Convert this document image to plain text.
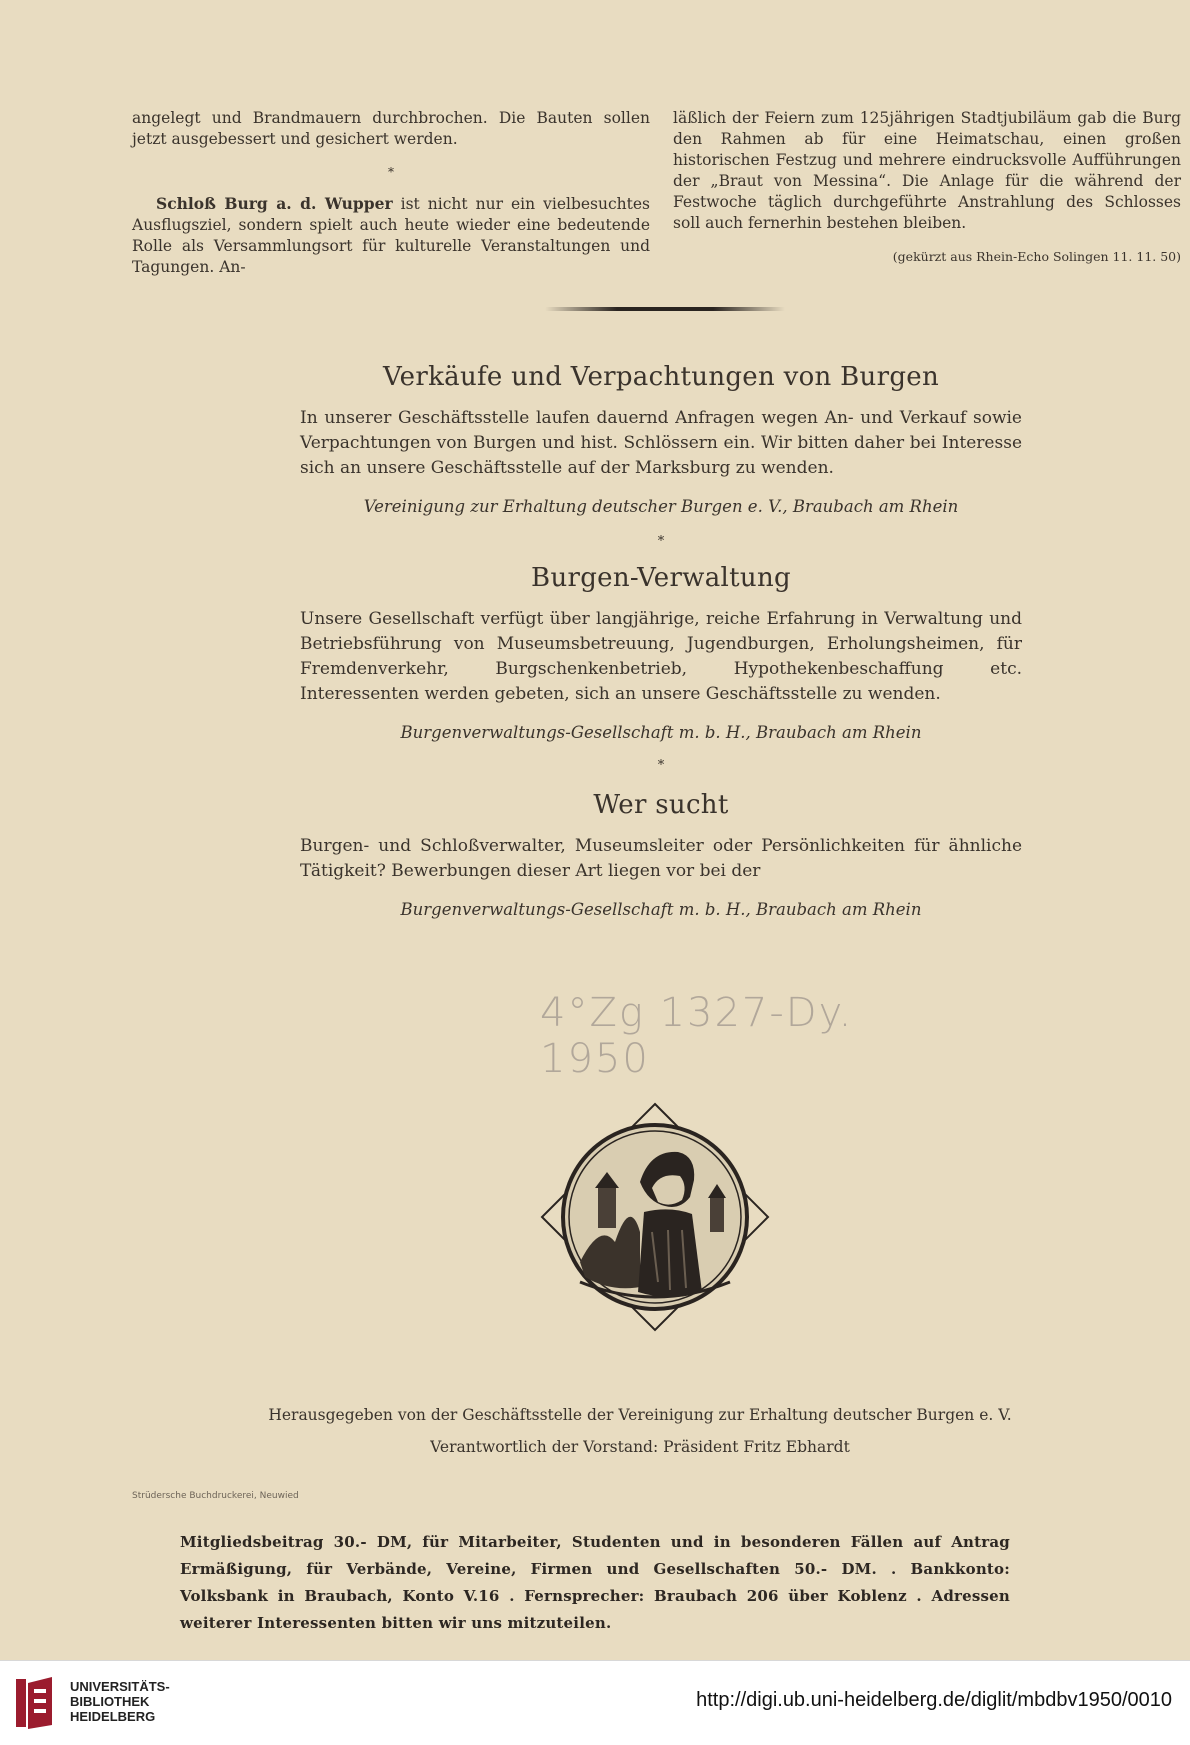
angelegt und Brandmauern durchbrochen. Die Bauten sollen jetzt ausgebessert und gesichert werden.

*

Schloß Burg a. d. Wupper ist nicht nur ein vielbesuchtes Ausflugsziel, sondern spielt auch heute wieder eine bedeutende Rolle als Versammlungsort für kulturelle Veranstaltungen und Tagungen. An-

läßlich der Feiern zum 125jährigen Stadtjubiläum gab die Burg den Rahmen ab für eine Heimatschau, einen großen historischen Festzug und mehrere eindrucksvolle Aufführungen der „Braut von Messina“. Die Anlage für die während der Festwoche täglich durchgeführte Anstrahlung des Schlosses soll auch fernerhin bestehen bleiben.

(gekürzt aus Rhein-Echo Solingen 11. 11. 50)

Verkäufe und Verpachtungen von Burgen

In unserer Geschäftsstelle laufen dauernd Anfragen wegen An- und Verkauf sowie Verpachtungen von Burgen und hist. Schlössern ein. Wir bitten daher bei Interesse sich an unsere Geschäftsstelle auf der Marksburg zu wenden.

Vereinigung zur Erhaltung deutscher Burgen e. V., Braubach am Rhein

*
Burgen-Verwaltung

Unsere Gesellschaft verfügt über langjährige, reiche Erfahrung in Verwaltung und Betriebsführung von Museumsbetreuung, Jugendburgen, Erholungsheimen, für Fremdenverkehr, Burgschenkenbetrieb, Hypothekenbeschaffung etc. Interessenten werden gebeten, sich an unsere Geschäftsstelle zu wenden.

Burgenverwaltungs-Gesellschaft m. b. H., Braubach am Rhein

*
Wer sucht

Burgen- und Schloßverwalter, Museumsleiter oder Persönlichkeiten für ähnliche Tätigkeit? Bewerbungen dieser Art liegen vor bei der

Burgenverwaltungs-Gesellschaft m. b. H., Braubach am Rhein

4°Zg 1327-Dy. 1950
Herausgegeben von der Geschäftsstelle der Vereinigung zur Erhaltung deutscher Burgen e. V.
Verantwortlich der Vorstand: Präsident Fritz Ebhardt
Strüdersche Buchdruckerei, Neuwied
Mitgliedsbeitrag 30.- DM, für Mitarbeiter, Studenten und in besonderen Fällen auf Antrag Ermäßigung, für Verbände, Vereine, Firmen und Gesellschaften 50.- DM. . Bankkonto: Volksbank in Braubach, Konto V.16 . Fernsprecher: Braubach 206 über Koblenz . Adressen weiterer Interessenten bitten wir uns mitzuteilen.
UNIVERSITÄTS-
BIBLIOTHEK
HEIDELBERG
http://digi.ub.uni-heidelberg.de/diglit/mbdbv1950/0010
